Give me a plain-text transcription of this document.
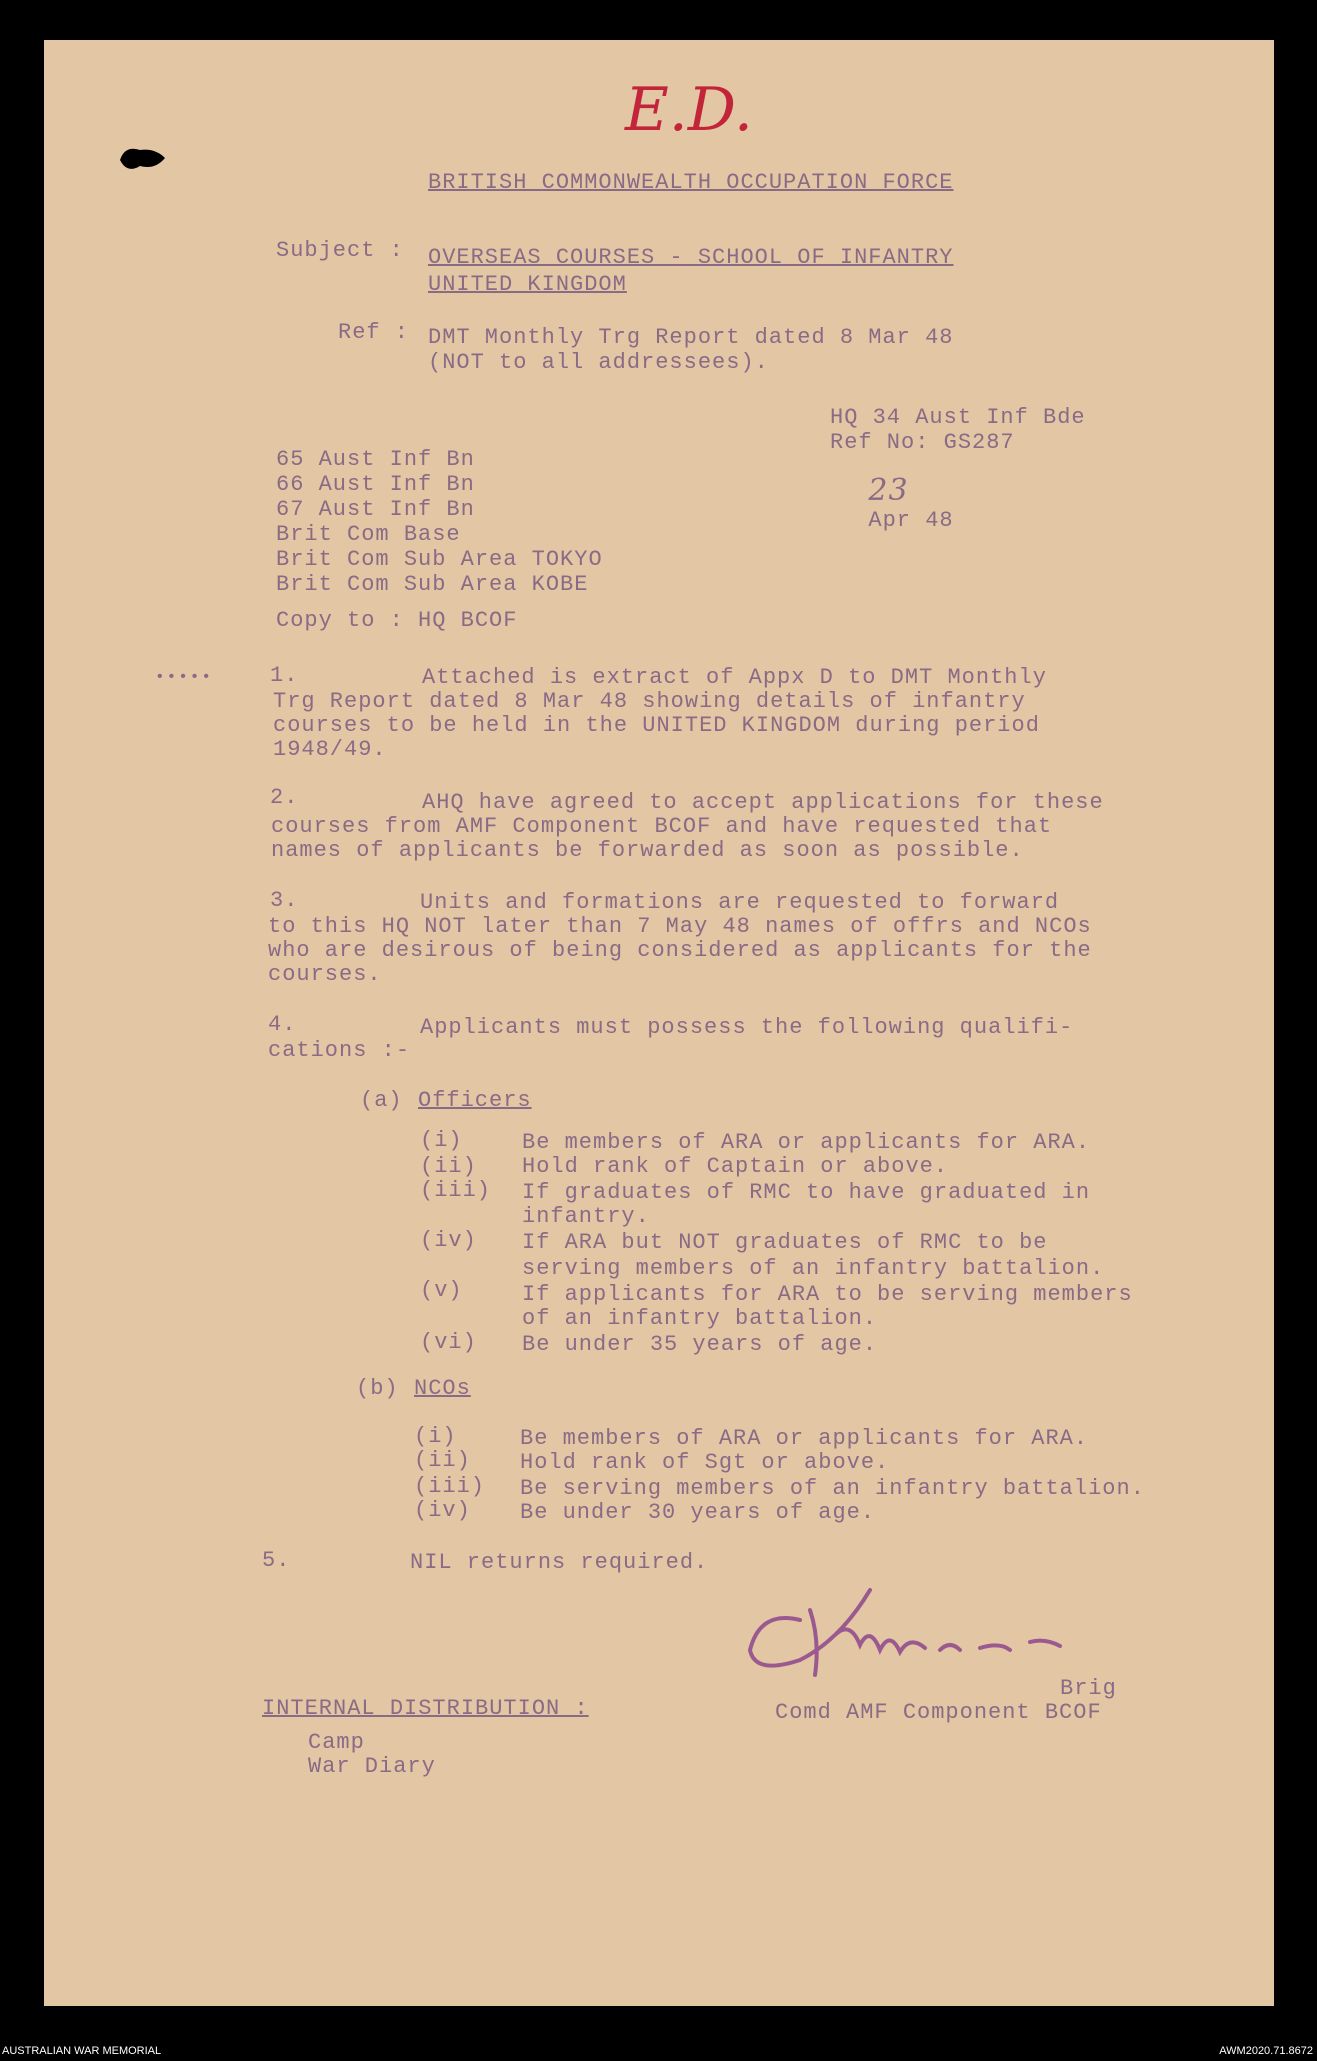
E.D.
BRITISH COMMONWEALTH OCCUPATION FORCE
Subject : OVERSEAS COURSES - SCHOOL OF INFANTRY
UNITED KINGDOM
Ref : DMT Monthly Trg Report dated 8 Mar 48
(NOT to all addressees).
HQ 34 Aust Inf Bde
Ref No: GS287

23
Apr 48

65 Aust Inf Bn
66 Aust Inf Bn
67 Aust Inf Bn
Brit Com Base
Brit Com Sub Area TOKYO
Brit Com Sub Area KOBE
Copy to : HQ BCOF
•••••	1.	Attached is extract of Appx D to DMT Monthly
Trg Report dated 8 Mar 48 showing details of infantry
courses to be held in the UNITED KINGDOM during period
1948/49.
2.	AHQ have agreed to accept applications for these
courses from AMF Component BCOF and have requested that
names of applicants be forwarded as soon as possible.
3.	Units and formations are requested to forward
to this HQ NOT later than 7 May 48 names of offrs and NCOs
who are desirous of being considered as applicants for the
courses.
4.	Applicants must possess the following qualifi-
cations :-
(a) Officers
(i)	Be members of ARA or applicants for ARA.
(ii) Hold rank of Captain or above.
(iii) If graduates of RMC to have graduated in
infantry.
(iv) If ARA but NOT graduates of RMC to be
serving members of an infantry battalion.
(v)	If applicants for ARA to be serving members
of an infantry battalion.
(vi) Be under 35 years of age.
(b) NCOs
(i)	Be members of ARA or applicants for ARA.
(ii) Hold rank of Sgt or above.
(iii) Be serving members of an infantry battalion.
(iv) Be under 30 years of age.
5.	NIL returns required.
Brig
Comd AMF Component BCOF
INTERNAL DISTRIBUTION :
Camp
War Diary
AUSTRALIAN WAR MEMORIAL	AWM2020.71.8672
